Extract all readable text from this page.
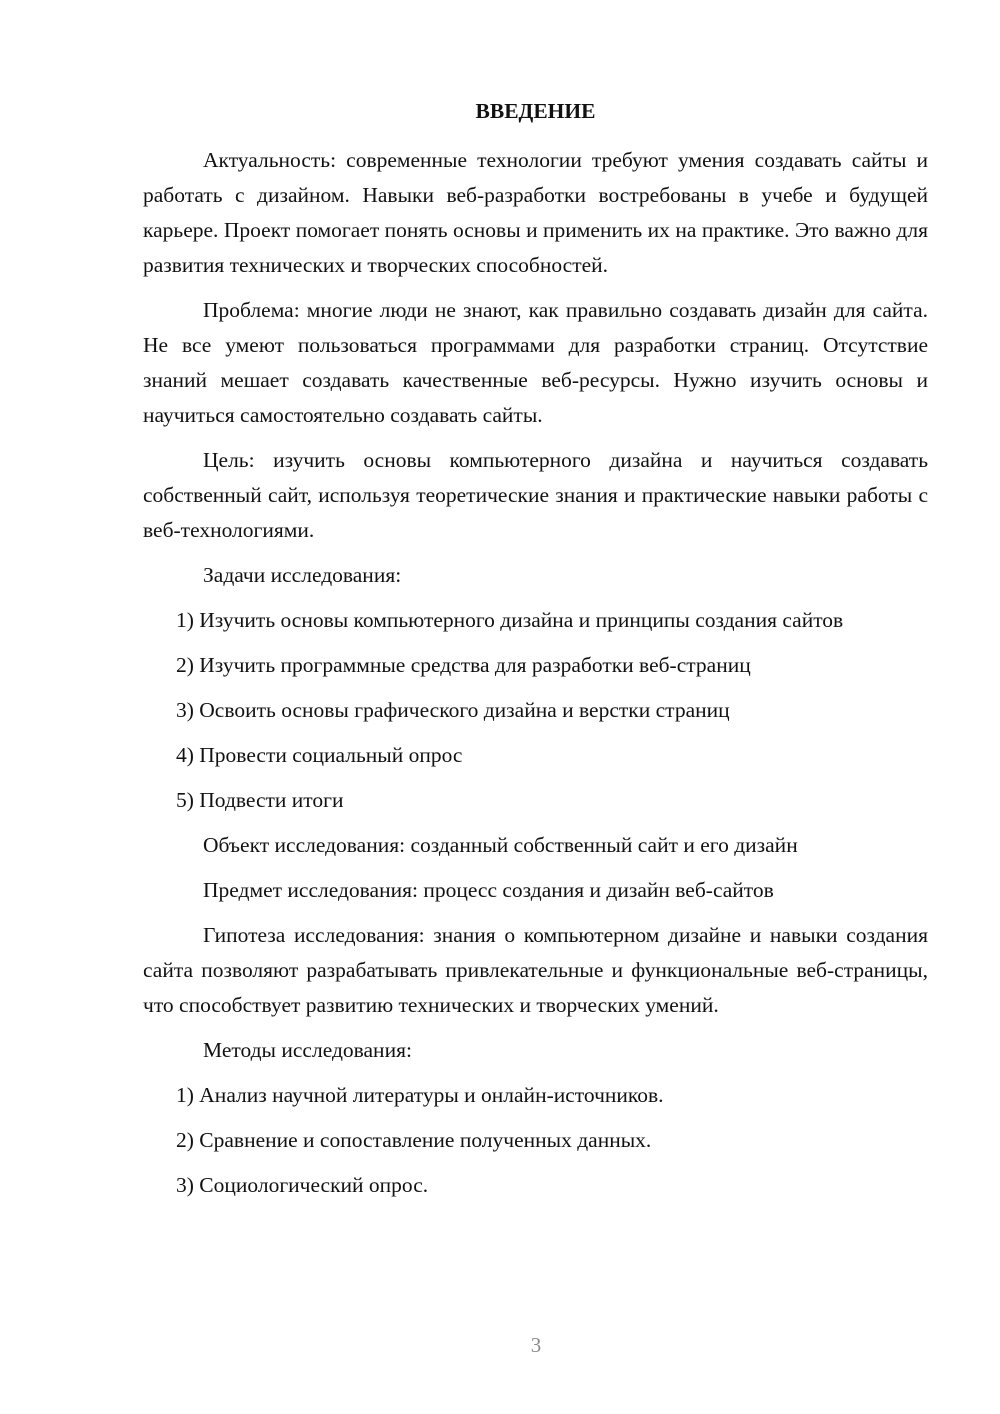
ВВЕДЕНИЕ

Актуальность: современные технологии требуют умения создавать сайты и работать с дизайном. Навыки веб-разработки востребованы в учебе и будущей карьере. Проект помогает понять основы и применить их на практике. Это важно для развития технических и творческих способностей.

Проблема: многие люди не знают, как правильно создавать дизайн для сайта. Не все умеют пользоваться программами для разработки страниц. Отсутствие знаний мешает создавать качественные веб-ресурсы. Нужно изучить основы и научиться самостоятельно создавать сайты.

Цель: изучить основы компьютерного дизайна и научиться создавать собственный сайт, используя теоретические знания и практические навыки работы с веб-технологиями.

Задачи исследования:

1) Изучить основы компьютерного дизайна и принципы создания сайтов

2) Изучить программные средства для разработки веб-страниц

3) Освоить основы графического дизайна и верстки страниц

4) Провести социальный опрос

5) Подвести итоги

Объект исследования: созданный собственный сайт и его дизайн

Предмет исследования: процесс создания и дизайн веб-сайтов

Гипотеза исследования: знания о компьютерном дизайне и навыки создания сайта позволяют разрабатывать привлекательные и функциональные веб-страницы, что способствует развитию технических и творческих умений.

Методы исследования:

1) Анализ научной литературы и онлайн-источников.

2) Сравнение и сопоставление полученных данных.

3) Социологический опрос.

3
